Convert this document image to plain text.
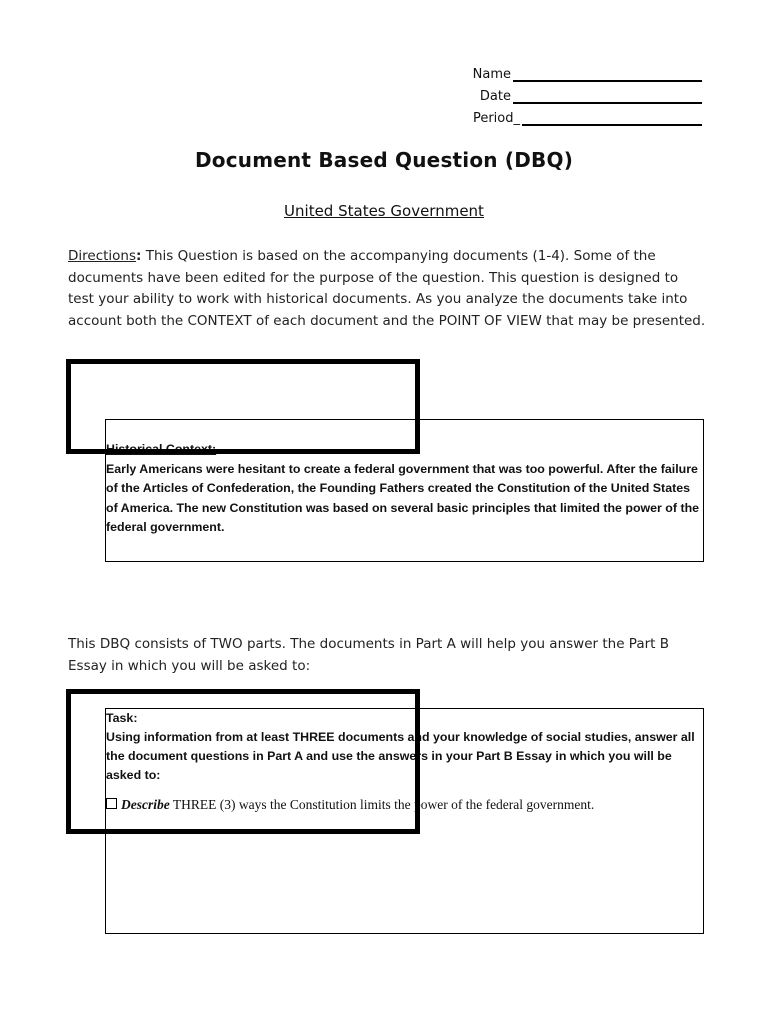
Name
Date
Period_
Document Based Question (DBQ)
United States Government
Directions: This Question is based on the accompanying documents (1-4). Some of the documents have been edited for the purpose of the question. This question is designed to test your ability to work with historical documents. As you analyze the documents take into account both the CONTEXT of each document and the POINT OF VIEW that may be presented.
Historical Context:
Early Americans were hesitant to create a federal government that was too powerful. After the failure of the Articles of Confederation, the Founding Fathers created the Constitution of the United States of America. The new Constitution was based on several basic principles that limited the power of the federal government.
This DBQ consists of TWO parts. The documents in Part A will help you answer the Part B Essay in which you will be asked to:
Task:
Using information from at least THREE documents and your knowledge of social studies, answer all the document questions in Part A and use the answers in your Part B Essay in which you will be asked to:
Describe THREE (3) ways the Constitution limits the power of the federal government.
